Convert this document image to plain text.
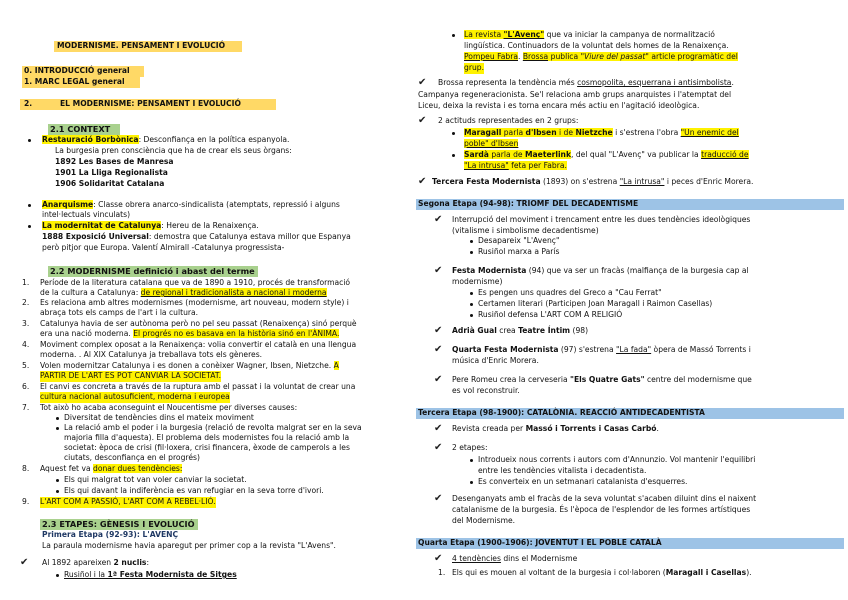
MODERNISME. PENSAMENT I EVOLUCIÓ
0. INTRODUCCIÓ general
1. MARC LEGAL general
2.	EL MODERNISME: PENSAMENT I EVOLUCIÓ
2.1 CONTEXT
Restauració Borbònica: Desconfiança en la política espanyola.
La burgesia pren consciència que ha de crear els seus òrgans:
1892 Les Bases de Manresa
1901 La Lliga Regionalista
1906 Solidaritat Catalana
Anarquisme: Classe obrera anarco-sindicalista (atemptats, repressió i alguns
intel·lectuals vinculats)
La modernitat de Catalunya: Hereu de la Renaixença.
1888 Exposició Universal: demostra que Catalunya estava millor que Espanya
però pitjor que Europa. Valentí Almirall -Catalunya progressista-
2.2 MODERNISME definició i abast del terme
1. Període de la literatura catalana que va de 1890 a 1910, procés de transformació
de la cultura a Catalunya: de regional i tradicionalista a nacional i moderna
2. Es relaciona amb altres modernismes (modernisme, art nouveau, modern style) i
abraça tots els camps de l'art i la cultura.
3. Catalunya havia de ser autònoma però no pel seu passat (Renaixença) sinó perquè
era una nació moderna. El progrés no es basava en la història sinó en l'ÀNIMA.
4. Moviment complex oposat a la Renaixença: volia convertir el català en una llengua
moderna. . Al XIX Catalunya ja treballava tots els gèneres.
5. Volen modernitzar Catalunya i es donen a conèixer Wagner, Ibsen, Nietzche. A
PARTIR DE L'ART ES POT CANVIAR LA SOCIETAT.
6. El canvi es concreta a través de la ruptura amb el passat i la voluntat de crear una
cultura nacional autosuficient, moderna i europea
7. Tot això ho acaba aconseguint el Noucentisme per diverses causes:
Diversitat de tendències dins el mateix moviment
La relació amb el poder i la burgesia (relació de revolta malgrat ser en la seva
majoria filla d'aquesta). El problema dels modernistes fou la relació amb la
societat: època de crisi (fil·loxera, crisi financera, èxode de camperols a les
ciutats, desconfiança en el progrés)
8. Aquest fet va donar dues tendències:
Els qui malgrat tot van voler canviar la societat.
Els qui davant la indiferència es van refugiar en la seva torre d'ivori.
9. L'ART COM A PASSIÓ, L'ART COM A REBEL·LIÓ.
2.3 ETAPES: GÈNESIS I EVOLUCIÓ
Primera Etapa (92-93): L'AVENÇ
La paraula modernisme havia aparegut per primer cop a la revista "L'Avens".
✔ Al 1892 apareixen 2 nuclis:
Rusiñol i la 1ª Festa Modernista de Sitges
La revista "L'Avenç" que va iniciar la campanya de normalització
lingüística. Continuadors de la voluntat dels homes de la Renaixença.
Pompeu Fabra. Brossa publica "Viure del passat" article programàtic del
grup.
✔ Brossa representa la tendència més cosmopolita, esquerrana i antisimbolista.
Campanya regeneracionista. Se'l relaciona amb grups anarquistes i l'atemptat del
Liceu, deixa la revista i es torna encara més actiu en l'agitació ideològica.
✔ 2 actituds representades en 2 grups:
Maragall parla d'Ibsen i de Nietzche i s'estrena l'obra "Un enemic del
poble" d'Ibsen
Sardà parla de Maeterlink, del qual "L'Avenç" va publicar la traducció de
"La intrusa" feta per Fabra.
✔ Tercera Festa Modernista (1893) on s'estrena "La intrusa" i peces d'Enric Morera.
Segona Etapa (94-98): TRIOMF DEL DECADENTISME
✔ Interrupció del moviment i trencament entre les dues tendències ideològiques
(vitalisme i simbolisme decadentisme)
Desapareix "L'Avenç"
Rusiñol marxa a París
✔ Festa Modernista (94) que va ser un fracàs (malfiança de la burgesia cap al
modernisme)
Es pengen uns quadres del Greco a "Cau Ferrat"
Certamen literari (Participen Joan Maragall i Raimon Casellas)
Rusiñol defensa L'ART COM A RELIGIÓ
✔ Adrià Gual crea Teatre Íntim (98)
✔ Quarta Festa Modernista (97) s'estrena "La fada" òpera de Massó Torrents i
música d'Enric Morera.
✔ Pere Romeu crea la cerveseria "Els Quatre Gats" centre del modernisme que
es vol reconstruir.
Tercera Etapa (98-1900): CATALÒNIA. REACCIÓ ANTIDECADENTISTA
✔ Revista creada per Massó i Torrents i Casas Carbó.
✔ 2 etapes:
Introdueix nous corrents i autors com d'Annunzio. Vol mantenir l'equilibri
entre les tendències vitalista i decadentista.
Es converteix en un setmanari catalanista d'esquerres.
✔ Desenganyats amb el fracàs de la seva voluntat s'acaben diluint dins el naixent
catalanisme de la burgesia. És l'època de l'esplendor de les formes artístiques
del Modernisme.
Quarta Etapa (1900-1906): JOVENTUT I EL POBLE CATALÀ
✔ 4 tendències dins el Modernisme
1. Els qui es mouen al voltant de la burgesia i col·laboren (Maragall i Casellas).
